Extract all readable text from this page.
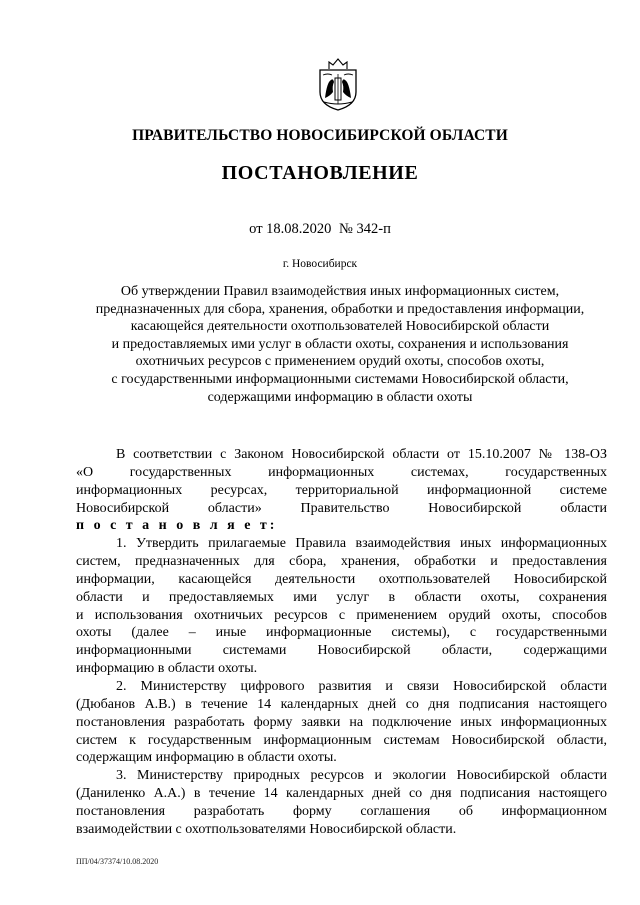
ПРАВИТЕЛЬСТВО НОВОСИБИРСКОЙ ОБЛАСТИ
ПОСТАНОВЛЕНИЕ
от 18.08.2020 № 342-п
г. Новосибирск
Об утверждении Правил взаимодействия иных информационных систем,
предназначенных для сбора, хранения, обработки и предоставления информации,
касающейся деятельности охотпользователей Новосибирской области
и предоставляемых ими услуг в области охоты, сохранения и использования
охотничьих ресурсов с применением орудий охоты, способов охоты,
с государственными информационными системами Новосибирской области,
содержащими информацию в области охоты
В соответствии с Законом Новосибирской области от 15.10.2007 № 138-ОЗ
«О государственных информационных системах, государственных
информационных ресурсах, территориальной информационной системе
Новосибирской области» Правительство Новосибирской области
п о с т а н о в л я е т:
1. Утвердить прилагаемые Правила взаимодействия иных информационных
систем, предназначенных для сбора, хранения, обработки и предоставления
информации, касающейся деятельности охотпользователей Новосибирской
области и предоставляемых ими услуг в области охоты, сохранения
и использования охотничьих ресурсов с применением орудий охоты, способов
охоты (далее – иные информационные системы), с государственными
информационными системами Новосибирской области, содержащими
информацию в области охоты.
2. Министерству цифрового развития и связи Новосибирской области
(Дюбанов А.В.) в течение 14 календарных дней со дня подписания настоящего
постановления разработать форму заявки на подключение иных информационных
систем к государственным информационным системам Новосибирской области,
содержащим информацию в области охоты.
3. Министерству природных ресурсов и экологии Новосибирской области
(Даниленко А.А.) в течение 14 календарных дней со дня подписания настоящего
постановления разработать форму соглашения об информационном
взаимодействии с охотпользователями Новосибирской области.
ПП/04/37374/10.08.2020
